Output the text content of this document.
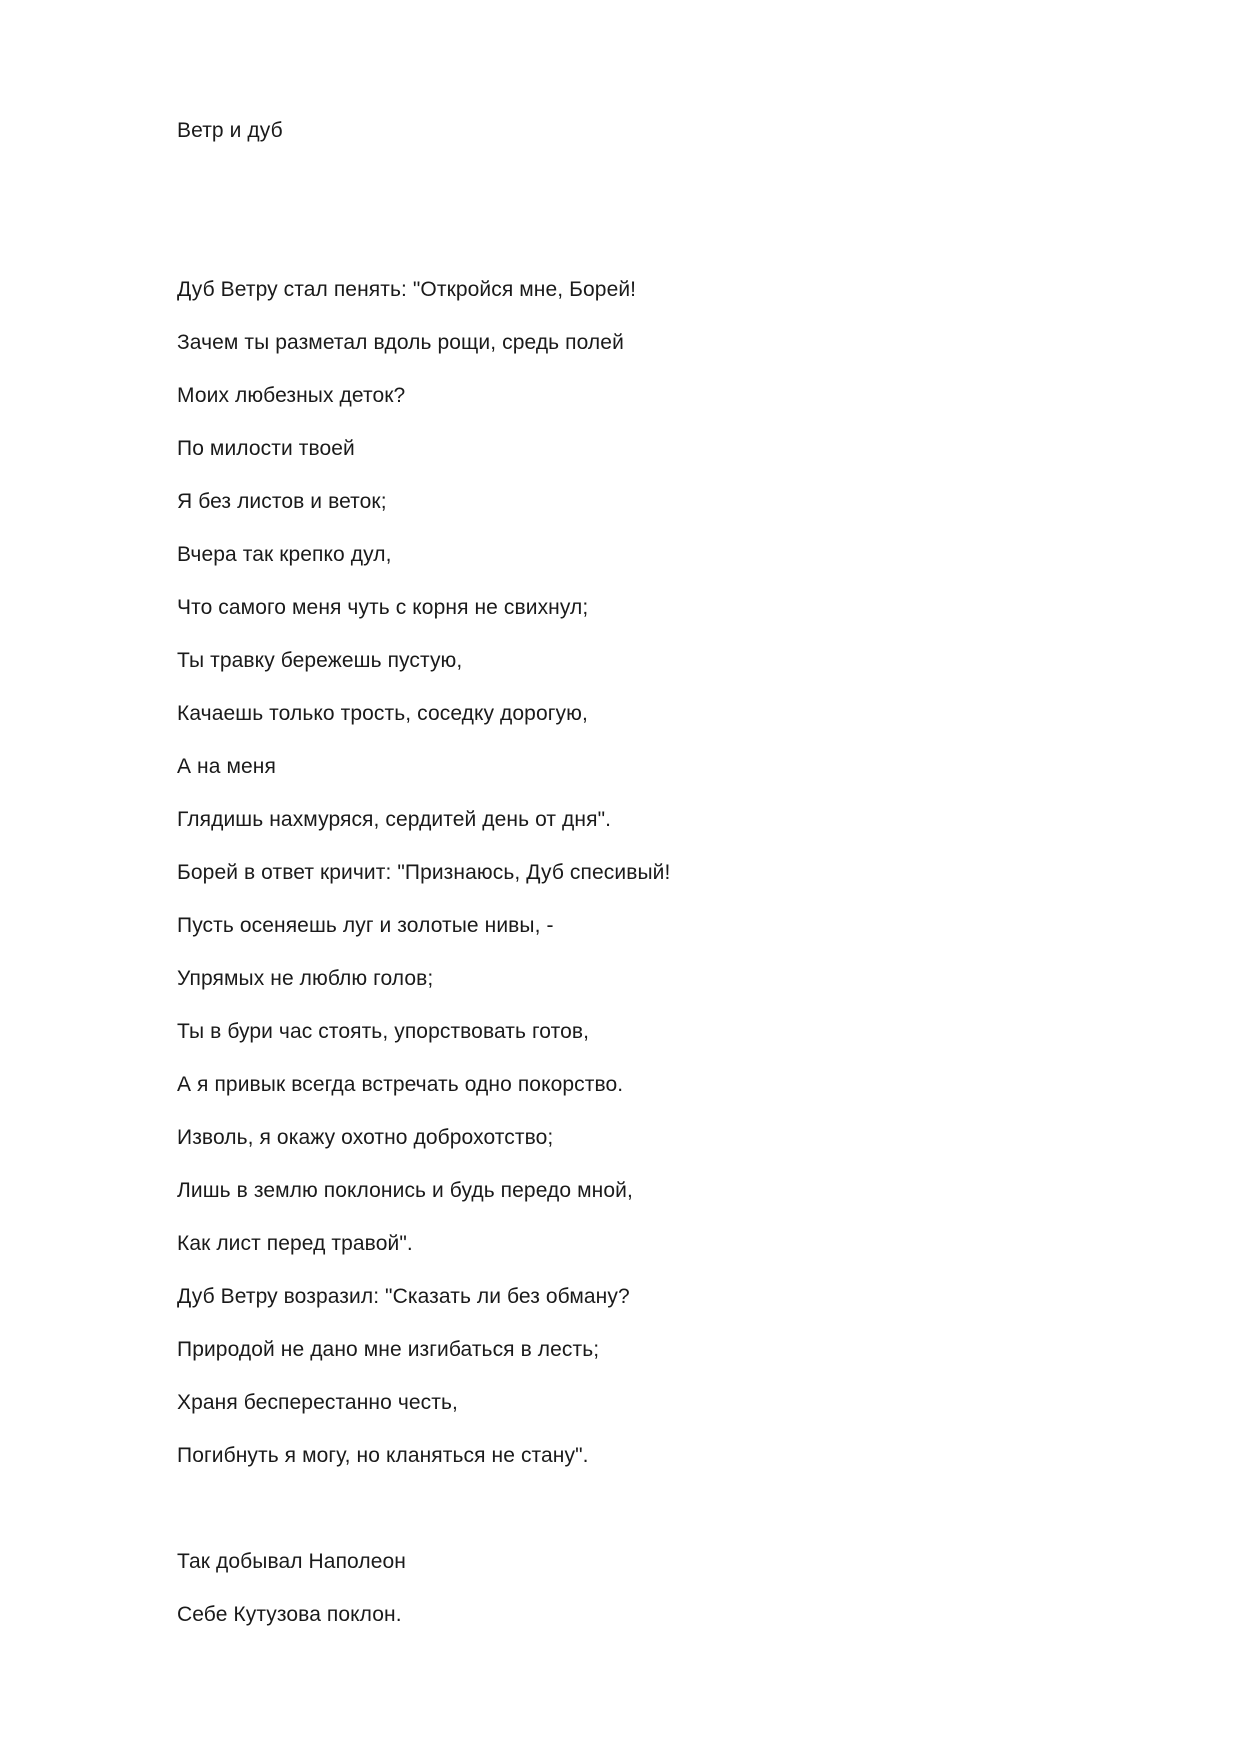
Ветр и дуб
Дуб Ветру стал пенять: "Откройся мне, Борей!
Зачем ты разметал вдоль рощи, средь полей
Моих любезных деток?
По милости твоей
Я без листов и веток;
Вчера так крепко дул,
Что самого меня чуть с корня не свихнул;
Ты травку бережешь пустую,
Качаешь только трость, соседку дорогую,
А на меня
Глядишь нахмуряся, сердитей день от дня".
Борей в ответ кричит: "Признаюсь, Дуб спесивый!
Пусть осеняешь луг и золотые нивы, -
Упрямых не люблю голов;
Ты в бури час стоять, упорствовать готов,
А я привык всегда встречать одно покорство.
Изволь, я окажу охотно доброхотство;
Лишь в землю поклонись и будь передо мной,
Как лист перед травой".
Дуб Ветру возразил: "Сказать ли без обману?
Природой не дано мне изгибаться в лесть;
Храня бесперестанно честь,
Погибнуть я могу, но кланяться не стану".
Так добывал Наполеон
Себе Кутузова поклон.
